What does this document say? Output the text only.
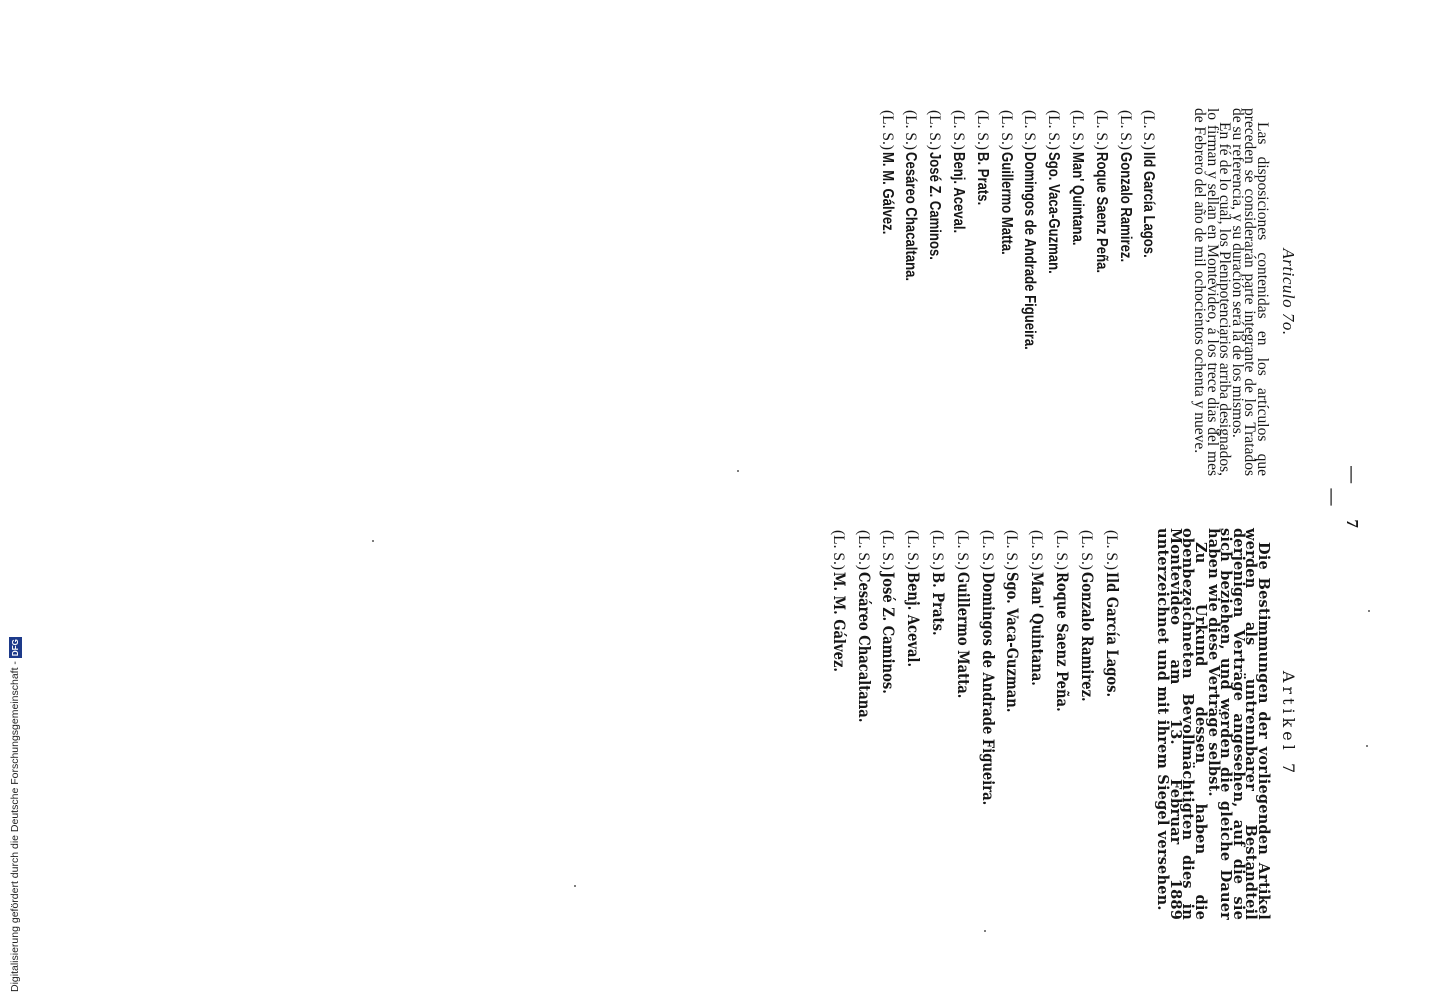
— 7 —
Articulo 7o.

Las disposiciones contenidas en los artículos que preceden se considerarán parte integrante de los Tratados de su referencia, y su duración será la de los mismos.

En fé de lo cual, los Plenipotenciarios arriba designados, lo firman y sellan en Montevideo, á los trece dias del mes de Febrero del año de mil ochocientos ochenta y nueve.

(L. S.)Ild García Lagos.
(L. S.)Gonzalo Ramirez.
(L. S.)Roque Saenz Peña.
(L. S.)Man' Quintana.
(L. S.)Sgo. Vaca-Guzman.
(L. S.)Domingos de Andrade Figueira.
(L. S.)Guillermo Matta.
(L. S.)B. Prats.
(L. S.)Benj. Aceval.
(L. S.)José Z. Caminos.
(L. S.)Cesáreo Chacaltana.
(L. S.)M. M. Gálvez.
Artikel 7

Die Bestimmungen der vorliegenden Artikel werden als untrennbarer Bestandteil derjenigen Verträge angesehen, auf die sie sich beziehen, und werden die gleiche Dauer haben wie diese Verträge selbst.

Zu Urkund dessen haben die obenbezeichneten Bevollmächtigten dies in Montevideo am 13. Februar 1889 unterzeichnet und mit ihrem Siegel versehen.

(L. S.)Ild García Lagos.
(L. S.)Gonzalo Ramirez.
(L. S.)Roque Saenz Peña.
(L. S.)Man' Quintana.
(L. S.)Sgo. Vaca-Guzman.
(L. S.)Domingos de Andrade Figueira.
(L. S.)Guillermo Matta.
(L. S.)B. Prats.
(L. S.)Benj. Aceval.
(L. S.)José Z. Caminos.
(L. S.)Cesáreo Chacaltana.
(L. S.)M. M. Gálvez.
Digitalisierung gefördert durch die Deutsche Forschungsgemeinschaft -DFG
